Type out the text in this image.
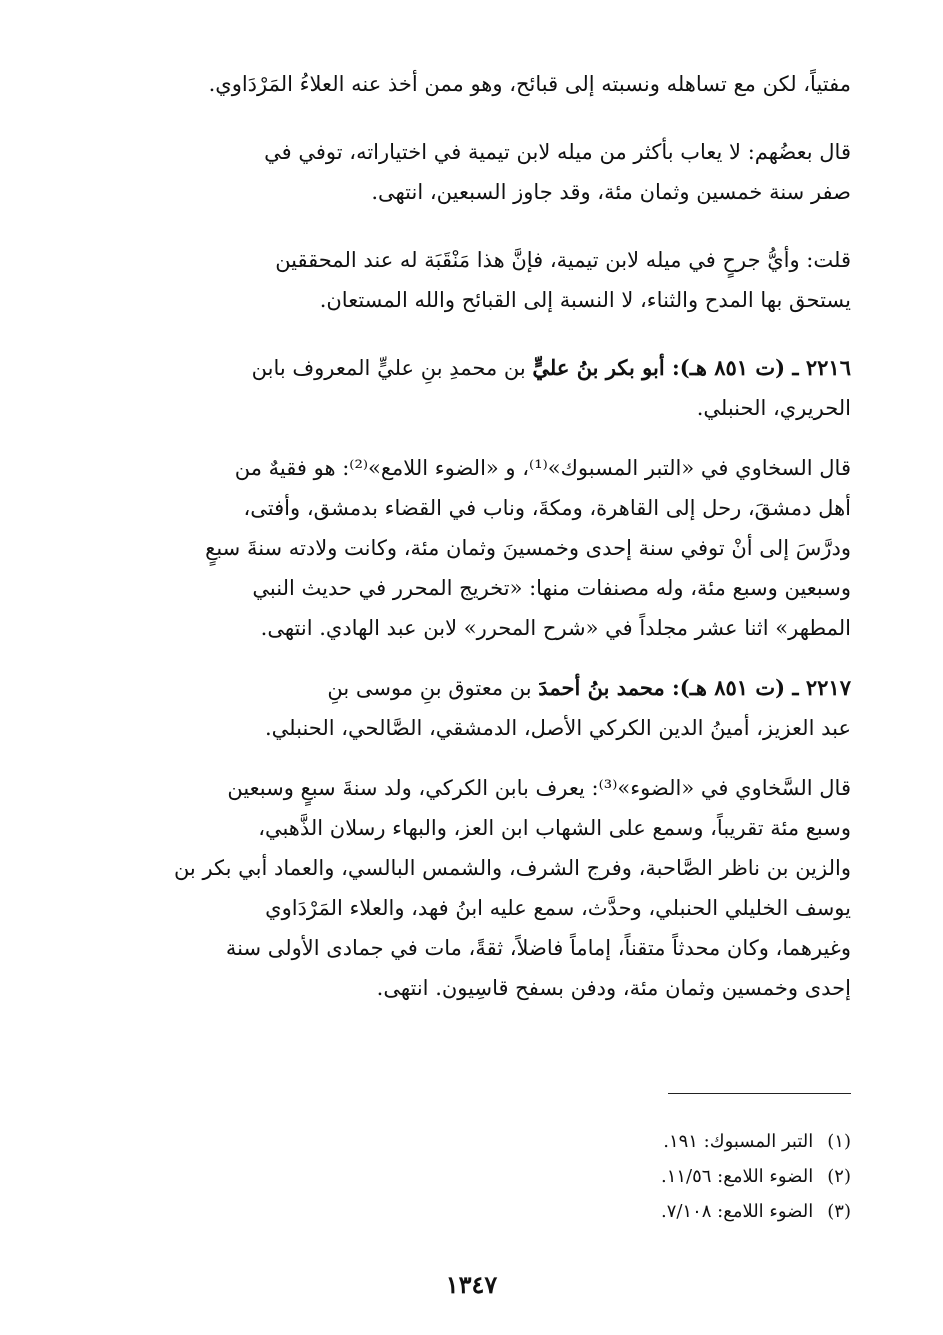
مفتياً، لكن مع تساهله ونسبته إلى قبائح، وهو ممن أخذ عنه العلاءُ المَرْدَاوي.
قال بعضُهم: لا يعاب بأكثر من ميله لابن تيمية في اختياراته، توفي في
صفر سنة خمسين وثمان مئة، وقد جاوز السبعين، انتهى.
قلت: وأيُّ جرحٍ في ميله لابن تيمية، فإنَّ هذا مَنْقَبَة له عند المحققين
يستحق بها المدح والثناء، لا النسبة إلى القبائح والله المستعان.
٢٢١٦ ـ (ت ٨٥١ هـ): أبو بكر بنُ عليٍّ بن محمدِ بنِ عليٍّ المعروف بابن
الحريري، الحنبلي.
قال السخاوي في «التبر المسبوك»⁽¹⁾، و «الضوء اللامع»⁽²⁾: هو فقيهٌ من
أهل دمشقَ، رحل إلى القاهرة، ومكةَ، وناب في القضاء بدمشق، وأفتى،
ودرَّسَ إلى أنْ توفي سنة إحدى وخمسينَ وثمان مئة، وكانت ولادته سنةَ سبعٍ
وسبعين وسبع مئة، وله مصنفات منها: «تخريج المحرر في حديث النبي
المطهر» اثنا عشر مجلداً في «شرح المحرر» لابن عبد الهادي. انتهى.
٢٢١٧ ـ (ت ٨٥١ هـ): محمد بنُ أحمدَ بن معتوق بنِ موسى بنِ
عبد العزيز، أمينُ الدين الكركي الأصل، الدمشقي، الصَّالحي، الحنبلي.
قال السَّخاوي في «الضوء»⁽³⁾: يعرف بابن الكركي، ولد سنةَ سبعٍ وسبعين
وسبع مئة تقريباً، وسمع على الشهاب ابن العز، والبهاء رسلان الذَّهبي،
والزين بن ناظر الصَّاحبة، وفرج الشرف، والشمس البالسي، والعماد أبي بكر بن
يوسف الخليلي الحنبلي، وحدَّث، سمع عليه ابنُ فهد، والعلاء المَرْدَاوي
وغيرهما، وكان محدثاً متقناً، إماماً فاضلاً، ثقةً، مات في جمادى الأولى سنة
إحدى وخمسين وثمان مئة، ودفن بسفح قاسِيون. انتهى.
(١)التبر المسبوك: ١٩١.
(٢)الضوء اللامع: ١١/٥٦.
(٣)الضوء اللامع: ٧/١٠٨.
١٣٤٧
